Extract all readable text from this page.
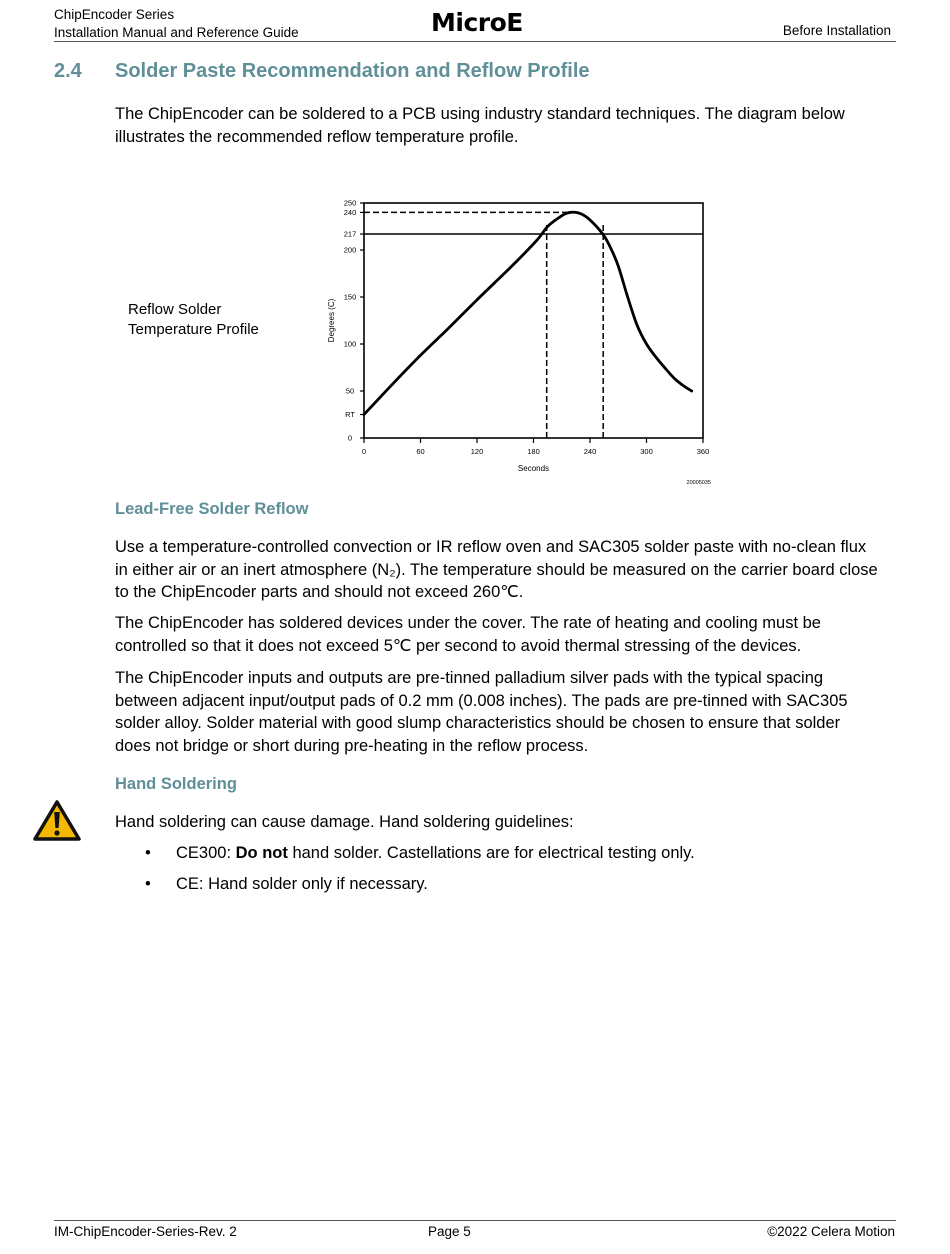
ChipEncoder Series
Installation Manual and Reference Guide	MicroE	Before Installation
2.4 Solder Paste Recommendation and Reflow Profile
The ChipEncoder can be soldered to a PCB using industry standard techniques. The diagram below
illustrates the recommended reflow temperature profile.
Reflow Solder
Temperature Profile
250
240
217
200
150
100
50
RT
0
0	60	120	180	240	300	360
Seconds
Degrees (C)
20005035
Lead-Free Solder Reflow
Use a temperature-controlled convection or IR reflow oven and SAC305 solder paste with no-clean flux
in either air or an inert atmosphere (N₂). The temperature should be measured on the carrier board close
to the ChipEncoder parts and should not exceed 260℃.
The ChipEncoder has soldered devices under the cover. The rate of heating and cooling must be
controlled so that it does not exceed 5℃ per second to avoid thermal stressing of the devices.
The ChipEncoder inputs and outputs are pre-tinned palladium silver pads with the typical spacing
between adjacent input/output pads of 0.2 mm (0.008 inches). The pads are pre-tinned with SAC305
solder alloy. Solder material with good slump characteristics should be chosen to ensure that solder
does not bridge or short during pre-heating in the reflow process.
Hand Soldering
Hand soldering can cause damage. Hand soldering guidelines:
• CE300: Do not hand solder. Castellations are for electrical testing only.
• CE: Hand solder only if necessary.
IM-ChipEncoder-Series-Rev. 2	Page 5	©2022 Celera Motion
